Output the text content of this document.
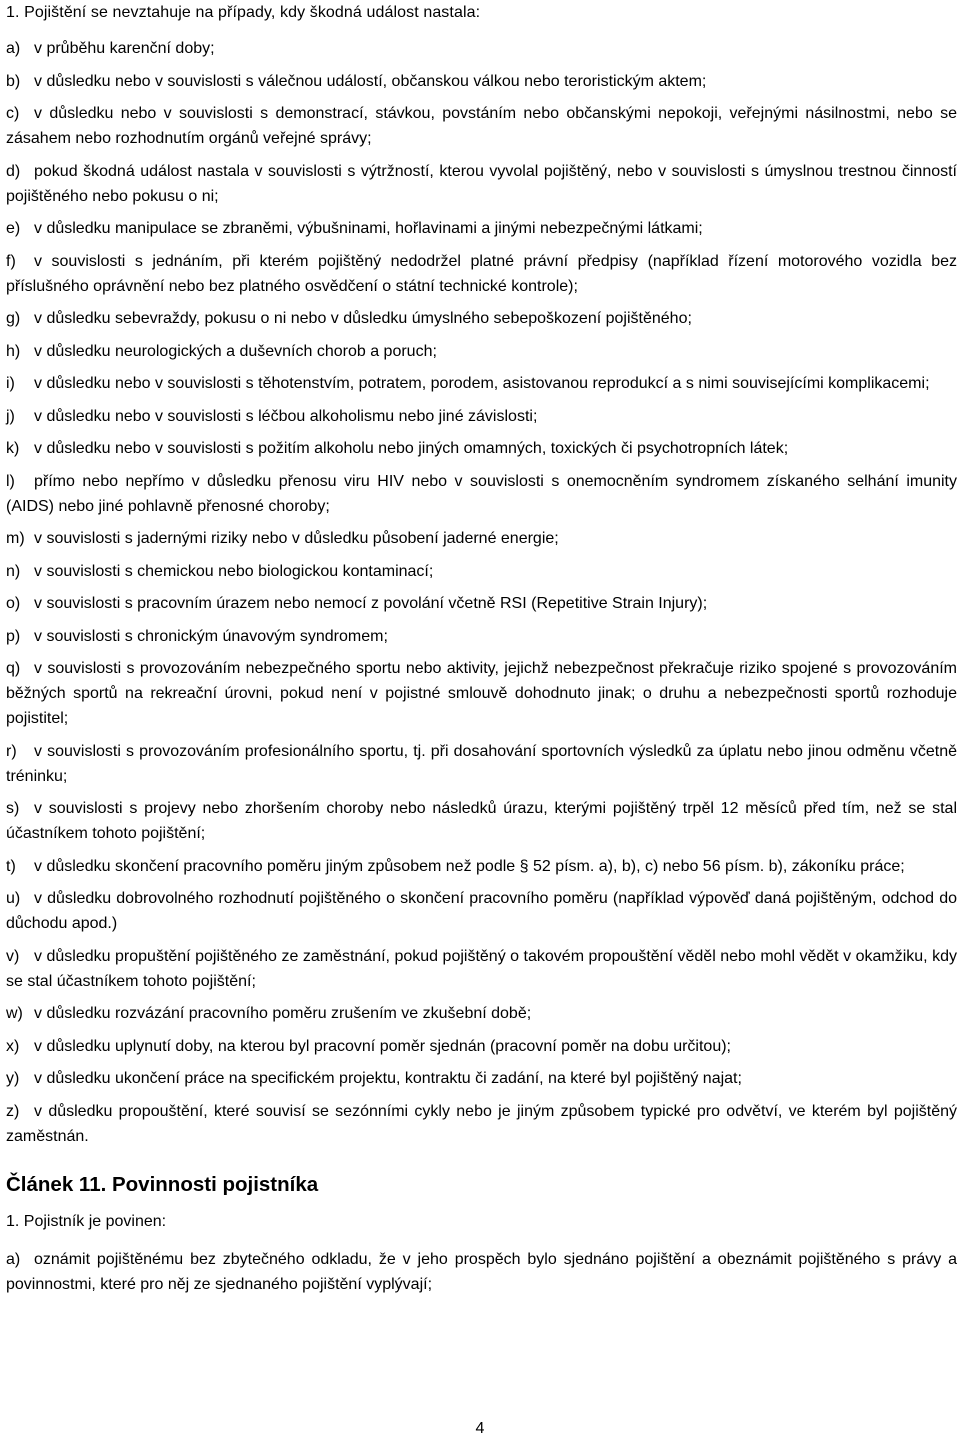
1. Pojištění se nevztahuje na případy, kdy škodná událost nastala:

a) v průběhu karenční doby;

b) v důsledku nebo v souvislosti s válečnou událostí, občanskou válkou nebo teroristickým aktem;

c) v důsledku nebo v souvislosti s demonstrací, stávkou, povstáním nebo občanskými nepokoji, veřejnými násilnostmi, nebo se zásahem nebo rozhodnutím orgánů veřejné správy;

d) pokud škodná událost nastala v souvislosti s výtržností, kterou vyvolal pojištěný, nebo v souvislosti s úmyslnou trestnou činností pojištěného nebo pokusu o ni;

e) v důsledku manipulace se zbraněmi, výbušninami, hořlavinami a jinými nebezpečnými látkami;

f) v souvislosti s jednáním, při kterém pojištěný nedodržel platné právní předpisy (například řízení motorového vozidla bez příslušného oprávnění nebo bez platného osvědčení o státní technické kontrole);

g) v důsledku sebevraždy, pokusu o ni nebo v důsledku úmyslného sebepoškození pojištěného;

h) v důsledku neurologických a duševních chorob a poruch;

i) v důsledku nebo v souvislosti s těhotenstvím, potratem, porodem, asistovanou reprodukcí a s nimi souvisejícími komplikacemi;

j) v důsledku nebo v souvislosti s léčbou alkoholismu nebo jiné závislosti;

k) v důsledku nebo v souvislosti s požitím alkoholu nebo jiných omamných, toxických či psychotropních látek;

l) přímo nebo nepřímo v důsledku přenosu viru HIV nebo v souvislosti s onemocněním syndromem získaného selhání imunity (AIDS) nebo jiné pohlavně přenosné choroby;

m) v souvislosti s jadernými riziky nebo v důsledku působení jaderné energie;

n) v souvislosti s chemickou nebo biologickou kontaminací;

o) v souvislosti s pracovním úrazem nebo nemocí z povolání včetně RSI (Repetitive Strain Injury);

p) v souvislosti s chronickým únavovým syndromem;

q) v souvislosti s provozováním nebezpečného sportu nebo aktivity, jejichž nebezpečnost překračuje riziko spojené s provozováním běžných sportů na rekreační úrovni, pokud není v pojistné smlouvě dohodnuto jinak; o druhu a nebezpečnosti sportů rozhoduje pojistitel;

r) v souvislosti s provozováním profesionálního sportu, tj. při dosahování sportovních výsledků za úplatu nebo jinou odměnu včetně tréninku;

s) v souvislosti s projevy nebo zhoršením choroby nebo následků úrazu, kterými pojištěný trpěl 12 měsíců před tím, než se stal účastníkem tohoto pojištění;

t) v důsledku skončení pracovního poměru jiným způsobem než podle § 52 písm. a), b), c) nebo 56 písm. b), zákoníku práce;

u) v důsledku dobrovolného rozhodnutí pojištěného o skončení pracovního poměru (například výpověď daná pojištěným, odchod do důchodu apod.)

v) v důsledku propuštění pojištěného ze zaměstnání, pokud pojištěný o takovém propouštění věděl nebo mohl vědět v okamžiku, kdy se stal účastníkem tohoto pojištění;

w) v důsledku rozvázání pracovního poměru zrušením ve zkušební době;

x) v důsledku uplynutí doby, na kterou byl pracovní poměr sjednán (pracovní poměr na dobu určitou);

y) v důsledku ukončení práce na specifickém projektu, kontraktu či zadání, na které byl pojištěný najat;

z) v důsledku propouštění, které souvisí se sezónními cykly nebo je jiným způsobem typické pro odvětví, ve kterém byl pojištěný zaměstnán.

Článek 11. Povinnosti pojistníka

1. Pojistník je povinen:

a) oznámit pojištěnému bez zbytečného odkladu, že v jeho prospěch bylo sjednáno pojištění a obeznámit pojištěného s právy a povinnostmi, které pro něj ze sjednaného pojištění vyplývají;

4
